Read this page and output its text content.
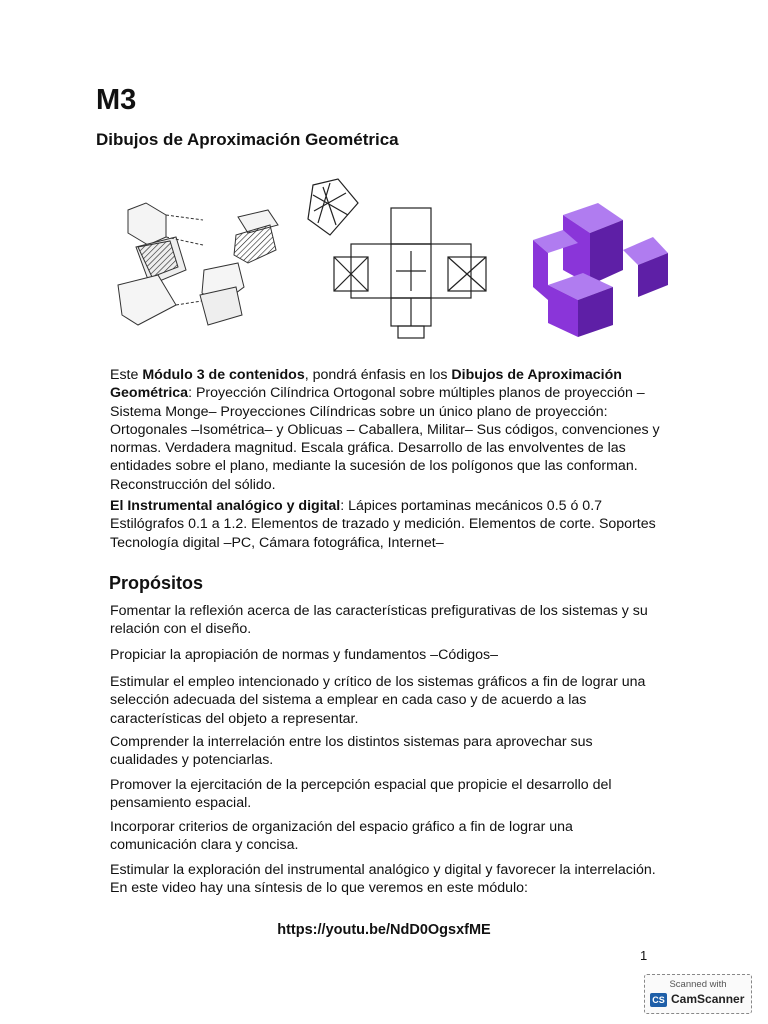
M3
Dibujos de Aproximación Geométrica

Este Módulo 3 de contenidos, pondrá énfasis en los Dibujos de Aproximación Geométrica: Proyección Cilíndrica Ortogonal sobre múltiples planos de proyección –Sistema Monge– Proyecciones Cilíndricas sobre un único plano de proyección: Ortogonales –Isométrica– y Oblicuas – Caballera, Militar– Sus códigos, convenciones y normas. Verdadera magnitud. Escala gráfica. Desarrollo de las envolventes de las entidades sobre el plano, mediante la sucesión de los polígonos que las conforman. Reconstrucción del sólido.

El Instrumental analógico y digital: Lápices portaminas mecánicos 0.5 ó 0.7 Estilógrafos 0.1 a 1.2. Elementos de trazado y medición. Elementos de corte. Soportes Tecnología digital –PC, Cámara fotográfica, Internet–

Propósitos

Fomentar la reflexión acerca de las características prefigurativas de los sistemas y su relación con el diseño.

Propiciar la apropiación de normas y fundamentos –Códigos–

Estimular el empleo intencionado y crítico de los sistemas gráficos a fin de lograr una selección adecuada del sistema a emplear en cada caso y de acuerdo a las características del objeto a representar.

Comprender la interrelación entre los distintos sistemas para aprovechar sus cualidades y potenciarlas.

Promover la ejercitación de la percepción espacial que propicie el desarrollo del pensamiento espacial.

Incorporar criterios de organización del espacio gráfico a fin de lograr una comunicación clara y concisa.

Estimular la exploración del instrumental analógico y digital y favorecer la interrelación. En este video hay una síntesis de lo que veremos en este módulo:

https://youtu.be/NdD0OgsxfME
1
Scanned with
CS CamScanner
